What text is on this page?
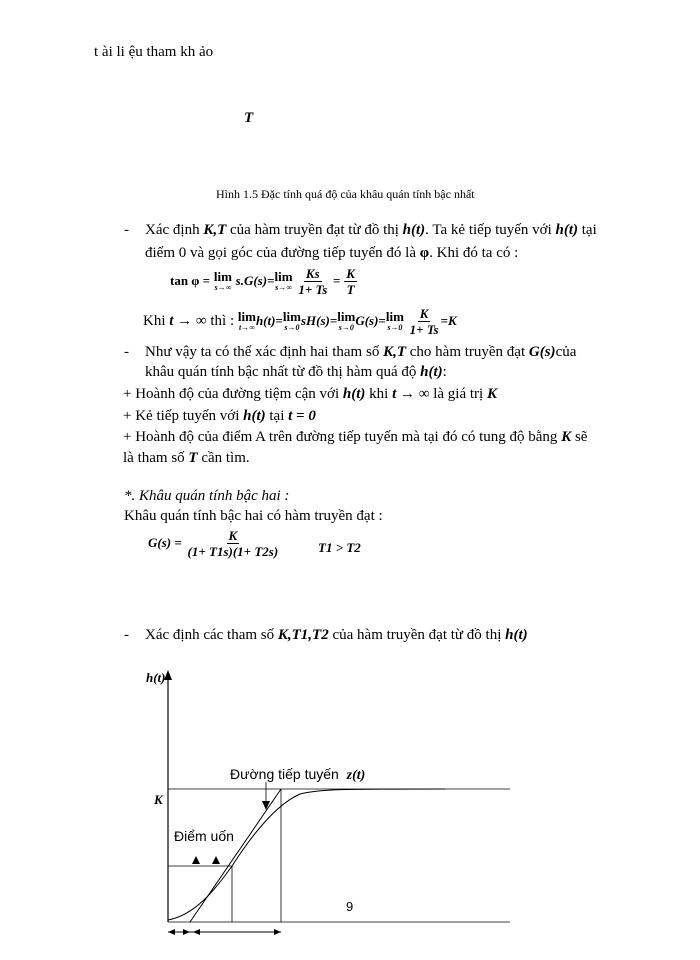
t ài li ệu tham kh ảo
T
Hình 1.5 Đặc tính quá độ của khâu quán tính bậc nhất
- Xác định K,T của hàm truyền đạt từ đồ thị h(t). Ta kẻ tiếp tuyến với h(t) tại
điểm 0 và gọi góc của đường tiếp tuyến đó là φ. Khi đó ta có :
tan φ = lim
s→∞ s.G(s)= lim
s→∞
$\frac{Ks}{1+ Ts} = \frac{K}{T}$
Khi t → ∞ thì : lim
t→∞ h(t)= lim
s→0 sH(s)= lim
s→0 G(s)= lim
s→0
$\frac{K}{1+ Ts} =K$
- Như vậy ta có thể xác định hai tham số K,T cho hàm truyền đạt G(s)của
khâu quán tính bậc nhất từ đồ thị hàm quá độ h(t):
+ Hoành độ của đường tiệm cận với h(t) khi t → ∞ là giá trị K
+ Kẻ tiếp tuyến với h(t) tại t = 0
+ Hoành độ của điểm A trên đường tiếp tuyến mà tại đó có tung độ bằng K sẽ
là tham số T cần tìm.
*. Khâu quán tính bậc hai :
Khâu quán tính bậc hai có hàm truyền đạt :
$G(s) = \frac{K}{(1+ T1s)(1+ T2s)}$	T1 > T2
- Xác định các tham số K,T1,T2 của hàm truyền đạt từ đồ thị h(t)
h(t)
K
Đường tiếp tuyến z(t)
Điểm uốn
9
